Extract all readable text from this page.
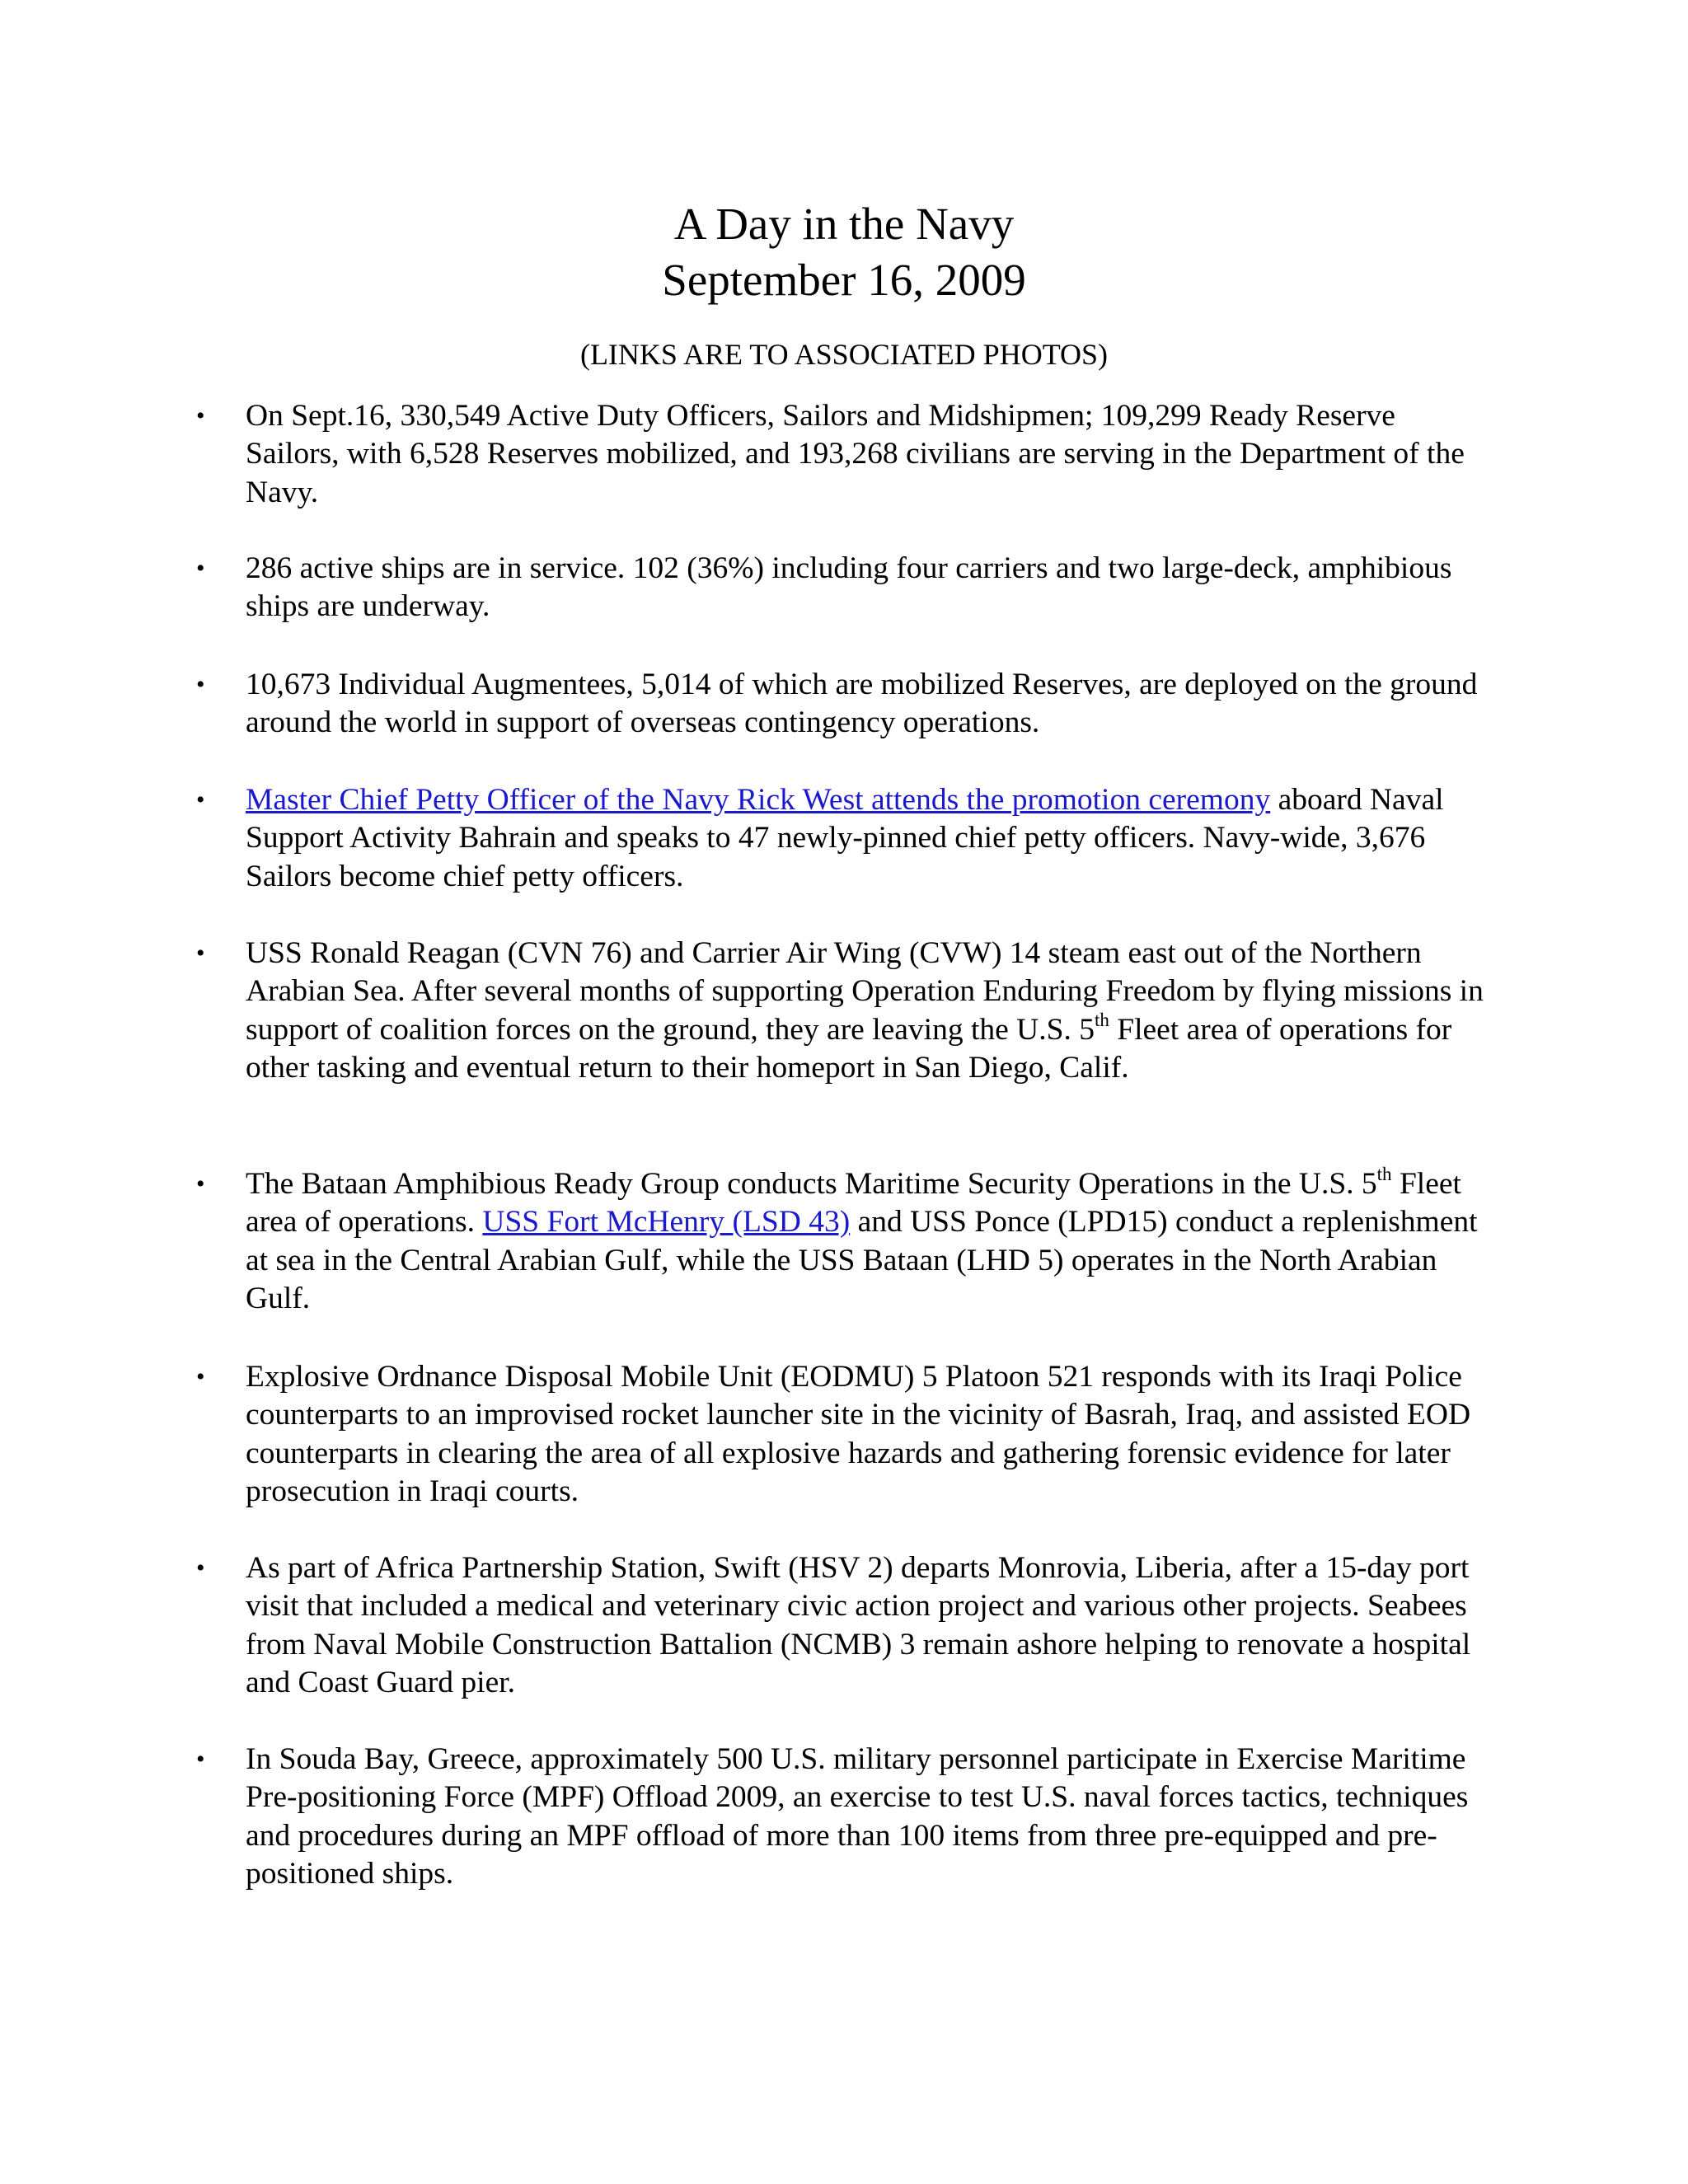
A Day in the Navy

September 16, 2009

(LINKS ARE TO ASSOCIATED PHOTOS)
• On Sept.16, 330,549 Active Duty Officers, Sailors and Midshipmen; 109,299 Ready Reserve Sailors, with 6,528 Reserves mobilized, and 193,268 civilians are serving in the Department of the Navy.
• 286 active ships are in service. 102 (36%) including four carriers and two large-deck, amphibious ships are underway.
• 10,673 Individual Augmentees, 5,014 of which are mobilized Reserves, are deployed on the ground around the world in support of overseas contingency operations.
• Master Chief Petty Officer of the Navy Rick West attends the promotion ceremony aboard Naval Support Activity Bahrain and speaks to 47 newly-pinned chief petty officers. Navy-wide, 3,676 Sailors become chief petty officers.
• USS Ronald Reagan (CVN 76) and Carrier Air Wing (CVW) 14 steam east out of the Northern Arabian Sea. After several months of supporting Operation Enduring Freedom by flying missions in support of coalition forces on the ground, they are leaving the U.S. 5th Fleet area of operations for other tasking and eventual return to their homeport in San Diego, Calif.
• The Bataan Amphibious Ready Group conducts Maritime Security Operations in the U.S. 5th Fleet area of operations. USS Fort McHenry (LSD 43) and USS Ponce (LPD15) conduct a replenishment at sea in the Central Arabian Gulf, while the USS Bataan (LHD 5) operates in the North Arabian Gulf.
• Explosive Ordnance Disposal Mobile Unit (EODMU) 5 Platoon 521 responds with its Iraqi Police counterparts to an improvised rocket launcher site in the vicinity of Basrah, Iraq, and assisted EOD counterparts in clearing the area of all explosive hazards and gathering forensic evidence for later prosecution in Iraqi courts.
• As part of Africa Partnership Station, Swift (HSV 2) departs Monrovia, Liberia, after a 15-day port visit that included a medical and veterinary civic action project and various other projects. Seabees from Naval Mobile Construction Battalion (NCMB) 3 remain ashore helping to renovate a hospital and Coast Guard pier.
• In Souda Bay, Greece, approximately 500 U.S. military personnel participate in Exercise Maritime Pre-positioning Force (MPF) Offload 2009, an exercise to test U.S. naval forces tactics, techniques and procedures during an MPF offload of more than 100 items from three pre-equipped and pre-positioned ships.
